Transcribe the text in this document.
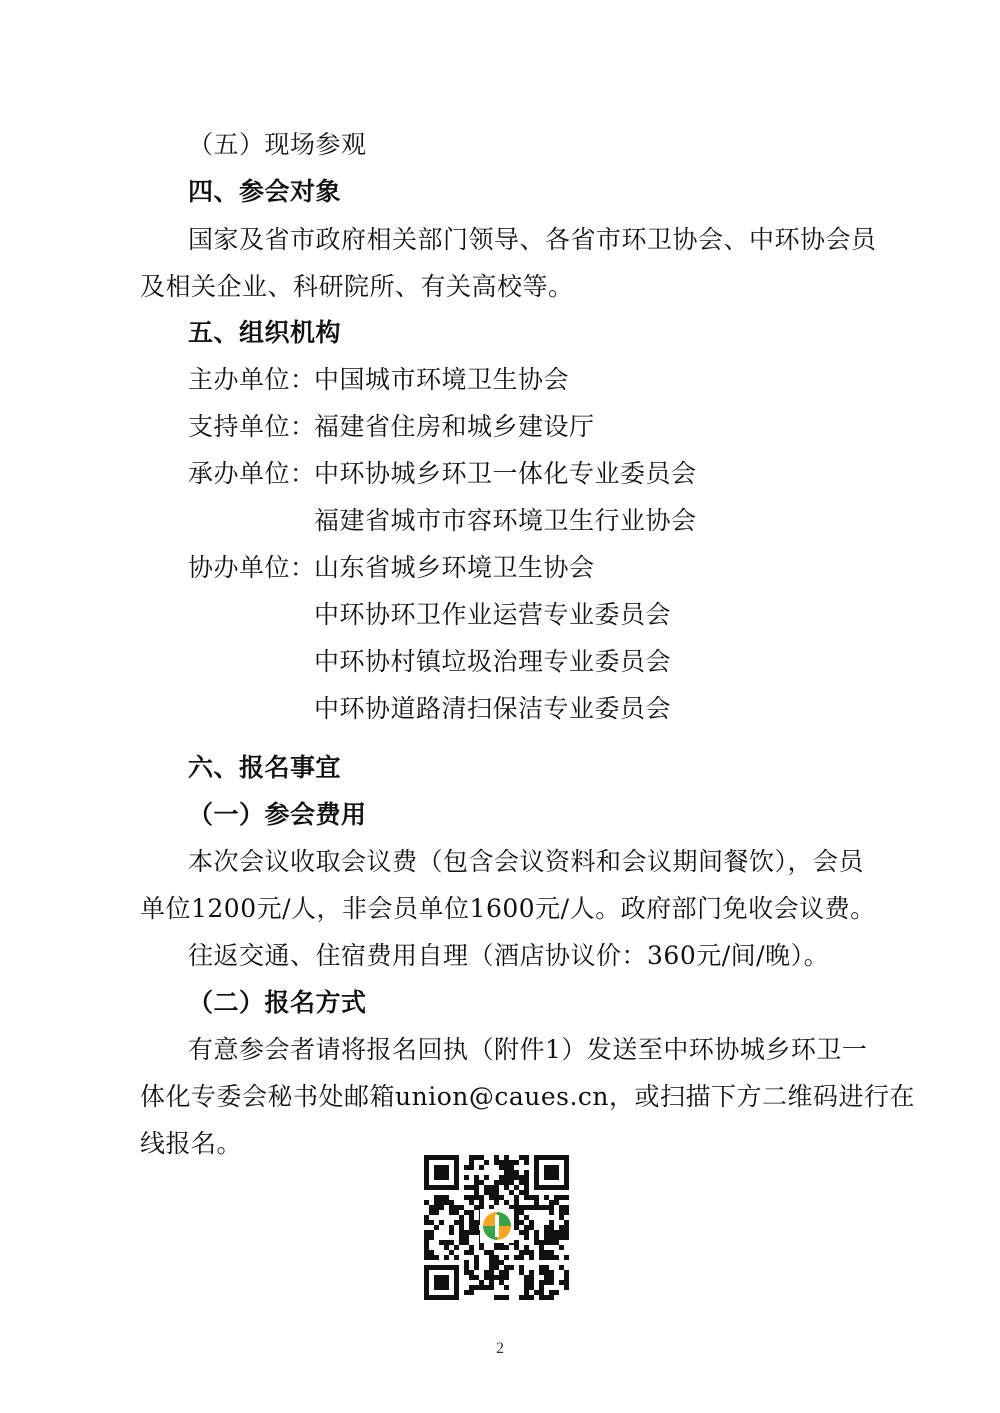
（五）现场参观
四、参会对象
国家及省市政府相关部门领导、各省市环卫协会、中环协会员
及相关企业、科研院所、有关高校等。
五、组织机构
主办单位：
中国城市环境卫生协会
支持单位：
福建省住房和城乡建设厅
承办单位：
中环协城乡环卫一体化专业委员会
福建省城市市容环境卫生行业协会
协办单位：
山东省城乡环境卫生协会
中环协环卫作业运营专业委员会
中环协村镇垃圾治理专业委员会
中环协道路清扫保洁专业委员会
六、报名事宜
（一）参会费用
本次会议收取会议费（包含会议资料和会议期间餐饮），会员
单位1200元/人，非会员单位1600元/人。政府部门免收会议费。
往返交通、住宿费用自理（酒店协议价：360元/间/晚）。
（二）报名方式
有意参会者请将报名回执（附件1）发送至中环协城乡环卫一
体化专委会秘书处邮箱union@caues.cn，或扫描下方二维码进行在
线报名。
2
